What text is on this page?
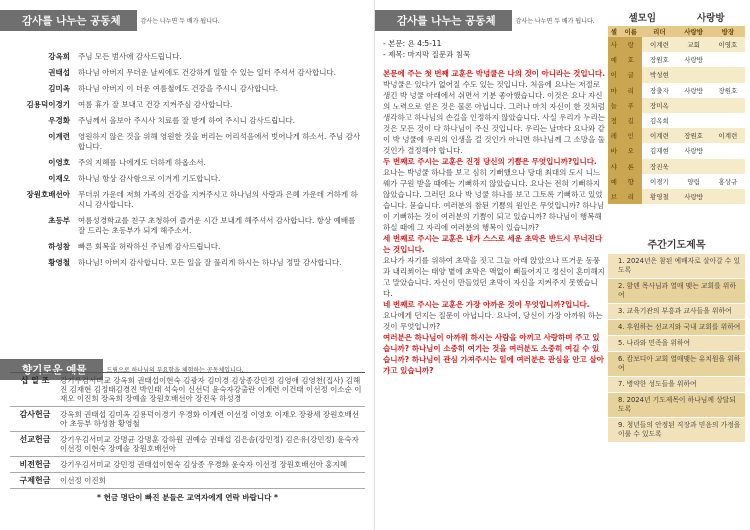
감사를 나누는 공동체	감사는 나누면 두 배가 됩니다.
강옥희	주님 모든 범사에 감사드립니다.
권태섭	하나님 아버지 무더운 날씨에도 건강하게 일할 수 있는 일터 주셔서 감사합니다.
김미옥	하나님 아버지 이 더운 여름철에도 건강을 주시니 감사합니다.
김용덕이경기	여름 휴가 잘 보내고 건강 지켜주심 감사합니다.
우경화	주님께서 올보아 주시사 치료를 잘 받게 하여 주시니 감사드립니다.
이계련	영원하지 않은 것을 위해 영원한 것을 버리는 어리석음에서 벗어나게 하소서. 주님 감사합니다.
이영호	주의 지혜를 나에게도 더하게 하옵소서.
이재오	하나님 항상 감사함으로 이겨게 기도합니다.
장원호배선아	무더위 가운데 저희 가족의 건강을 지켜주시고 하나님의 사랑과 은혜 가운데 거하게 하시니 감사합니다.
초등부	여름성경학교를 친구 초청하여 즐거운 시간 보내게 해주셔서 감사합니다. 항상 예배를 잘 드리는 초등부가 되게 해주소서.
하성참	빠른 회복을 허락하신 주님께 감사드립니다.
황영철	하나님! 아버지 감사합니다. 모든 일을 잘 풀리게 하시는 하나님 정말 감사합니다.
향기로운 예물	드림으로 하나님의 부요함을 체험하는 공동체입니다.
십 일 조	강기우김서미교 강옥희 권태섭이현숙 김광자 김미경 김상종강민정 김영애 김영천(집사) 김해진 김재현 김정태김경진 박인태 석숙이 신선덕 윤숙자강출란 이계련 이건태 이선정 이소순 이재오 이진희 장옥희 장예솔 장원호배선아 장진욱 하성경
감사헌금	강옥희 권태섭 김미옥 김용덕이경기 우경화 이계련 이선정 이영호 이재오 장광세 장원호배선아 초등부 하성참 황영철
선교헌금	강기우김서미교 강명균 강명훈 강하원 권예승 권태섭 김은솔(강민정) 김은유(강민정) 윤숙자 이선정 이현숙 장예솔 장원호배선아
비전헌금	강기우김서미교 강민정 권태섭이현숙 김상종 우경화 윤숙자 이선정 장원호배선아 홍지혜
구제헌금	이선정 이진희
* 헌금 명단이 빠진 분들은 교역자에게 연락 바랍니다 *
감사를 나누는 공동체	감사는 나누면 두 배가 됩니다.
- 본문: 욘 4:5-11
- 제목: 마지막 질문과 침묵
본문에 주는 첫 번째 교훈은 박넝쿨은 나의 것이 아니라는 것입니다.
박넝쿨은 있다가 없어질 수도 있는 것입니다. 처음에 요나는 저절로 생긴 박 넝쿨 아래에서 쉬면서 기분 좋아했습니다. 이것은 요나 자신의 노력으로 얻은 것은 물론 아닙니다. 그러나 마치 자신이 한 것처럼 생각하고 하나님의 손길을 인정하지 않았습니다. 사실 우리가 누리는 것은 모든 것이 다 하나님이 주신 것입니다. 우리는 날마다 요나와 같이 박 넝쿨에 우리의 인생을 걸 것인가 아니면 하나님께 그 소망을 둘 것인가 결정해야 합니다.
두 번째로 주시는 교훈은 진정 당신의 기쁨은 무엇입니까?입니다.
요나는 박넝쿨 하나를 보고 심히 기뻐했으나 당대 최대의 도시 니느웨가 구원 받을 때에는 기뻐하지 않았습니다. 요나는 전혀 기뻐하지 않았습니다. 그러던 요나 박 넝쿨 하나를 보고 그토록 기뻐하고 있었습니다. 묻습니다. 여러분의 참된 기쁨의 원인은 무엇입니까? 하나님이 기뻐하는 것이 여러분의 기쁨이 되고 있습니까? 하나님이 행복해 하실 때에 그 자리에 여러분의 행복이 있습니까?
세 번째로 주시는 교훈은 내가 스스로 세운 초막은 반드시 무너진다는 것입니다.
요나가 자기를 위하여 초막을 짓고 그늘 아래 앉았으나 뜨거운 동풍과 내리쬐이는 태양 볕에 초막은 맥없이 뻐들어지고 정신이 혼미해지고 말았습니다. 자신이 만들었던 초막이 자신을 지켜주지 못했습니다.
네 번째로 주시는 교훈은 가장 아까운 것이 무엇입니까?입니다.
요나에게 던지는 질문이 아닙니다. 요나여, 당신이 가장 아까워 하는 것이 무엇입니까?
여러분은 하나님이 아까워 하시는 사람을 아끼고 사랑하며 주고 있습니까? 하나님이 소중히 여기는 것을 여러분도 소중히 여길 수 있습니까? 하나님이 관심 가져주시는 일에 여러분은 관심을 안고 살아가고 있습니까?
셀모임	사랑방
셀	이름	리더	사랑방	방장
사	랑	이계련	교회	이영호
예	호	장원호	사랑방	
이	글	박성현		
마	리	장출자	사랑방	장원호
늘	푸	장미옥		
정	길	김옥희		
레	인	이계련	장원호	이계련
바	오	김재현	사랑방	
샤	론	장진욱		
예	향	이경기	양림	홍상규
브	리	황영철	사랑방	
주간기도제목
1. 2024년은 참된 예배자로 살아갈 수 있도록
2. 함덴 목사님과 열매 맺는 교회를 위하여
3. 교육기관의 부흥과 교사들을 위하여
4. 후원하는 선교지와 국내 교회를 위하여
5. 나라와 민족을 위하여
6. 캄보디아 교회 열매맺는 유치원을 위하여
7. 병약한 성도들을 위하여
8. 2024년 기도제목이 하나님께 상달되도록
9. 청년들의 안정된 직장과 믿음의 가정을 이룰 수 있도록
